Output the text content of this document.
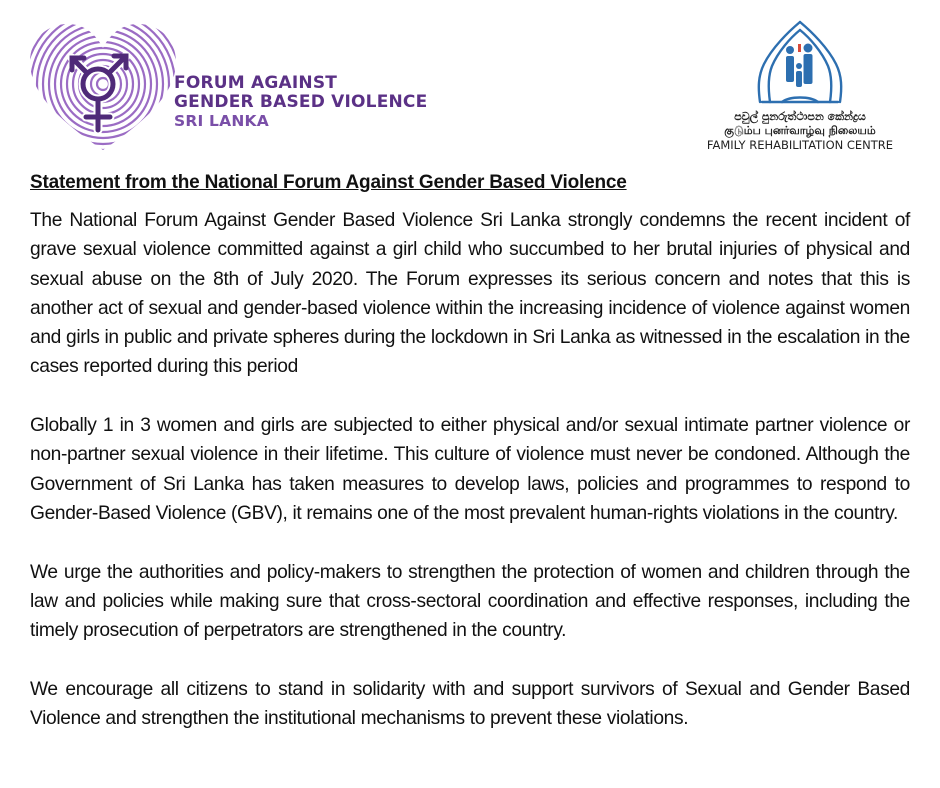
FORUM AGAINST
GENDER BASED VIOLENCE
SRI LANKA	පවුල් පුනරුත්ථාපන කේන්ද්‍රය
குடும்ப புனர்வாழ்வு நிலையம்
FAMILY REHABILITATION CENTRE
Statement from the National Forum Against Gender Based Violence

The National Forum Against Gender Based Violence Sri Lanka strongly condemns the recent incident of grave sexual violence committed against a girl child who succumbed to her brutal injuries of physical and sexual abuse on the 8th of July 2020. The Forum expresses its serious concern and notes that this is another act of sexual and gender-based violence within the increasing incidence of violence against women and girls in public and private spheres during the lockdown in Sri Lanka as witnessed in the escalation in the cases reported during this period

Globally 1 in 3 women and girls are subjected to either physical and/or sexual intimate partner violence or non-partner sexual violence in their lifetime. This culture of violence must never be condoned. Although the Government of Sri Lanka has taken measures to develop laws, policies and programmes to respond to Gender-Based Violence (GBV), it remains one of the most prevalent human-rights violations in the country.

We urge the authorities and policy-makers to strengthen the protection of women and children through the law and policies while making sure that cross-sectoral coordination and effective responses, including the timely prosecution of perpetrators are strengthened in the country.

We encourage all citizens to stand in solidarity with and support survivors of Sexual and Gender Based Violence and strengthen the institutional mechanisms to prevent these violations.
